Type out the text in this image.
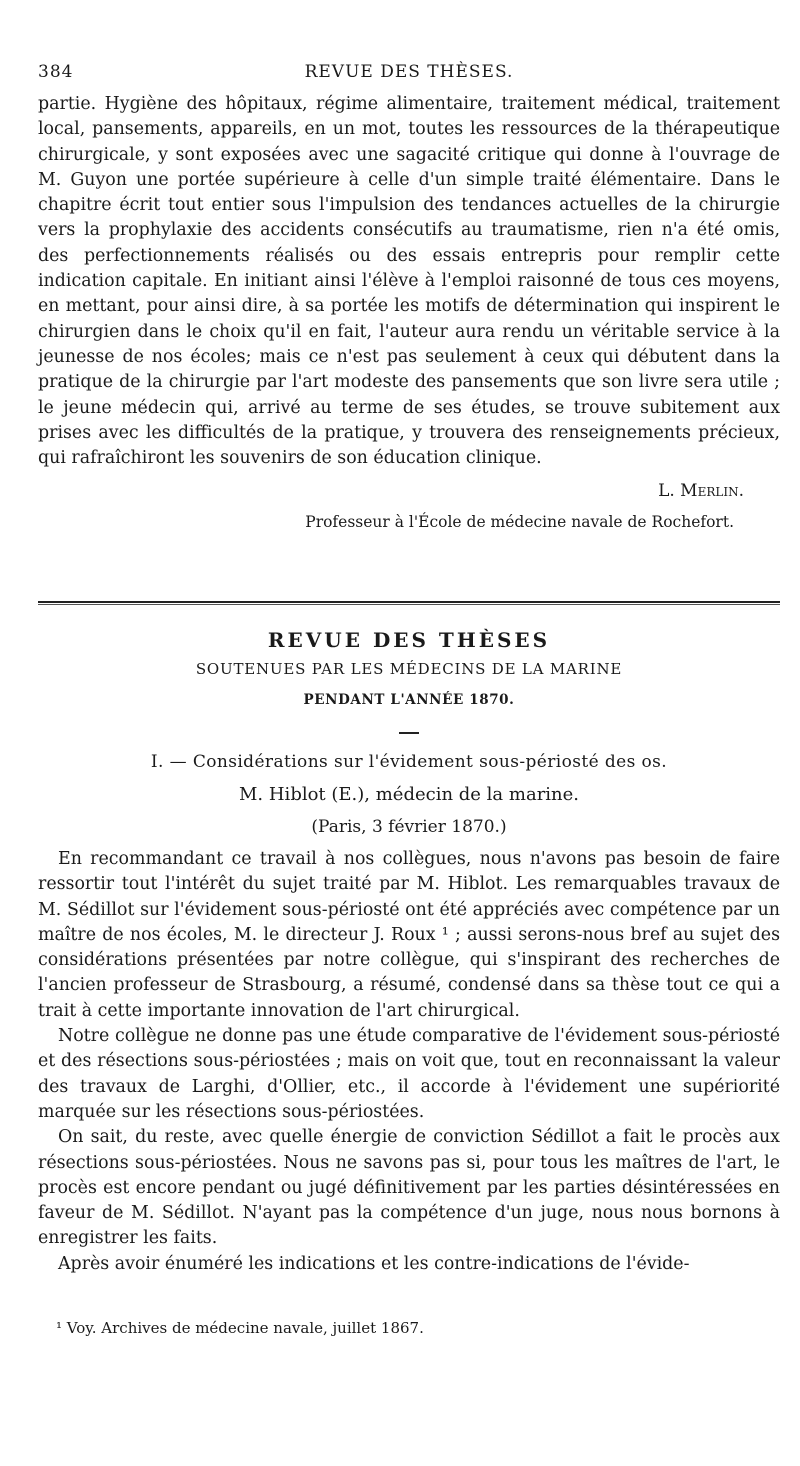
384	REVUE DES THÈSES.

partie. Hygiène des hôpitaux, régime alimentaire, traitement médical, traitement local, pansements, appareils, en un mot, toutes les ressources de la thérapeutique chirurgicale, y sont exposées avec une sagacité critique qui donne à l'ouvrage de M. Guyon une portée supérieure à celle d'un simple traité élémentaire. Dans le chapitre écrit tout entier sous l'impulsion des tendances actuelles de la chirurgie vers la prophylaxie des accidents consécutifs au traumatisme, rien n'a été omis, des perfectionnements réalisés ou des essais entrepris pour remplir cette indication capitale. En initiant ainsi l'élève à l'emploi raisonné de tous ces moyens, en mettant, pour ainsi dire, à sa portée les motifs de détermination qui inspirent le chirurgien dans le choix qu'il en fait, l'auteur aura rendu un véritable service à la jeunesse de nos écoles; mais ce n'est pas seulement à ceux qui débutent dans la pratique de la chirurgie par l'art modeste des pansements que son livre sera utile ; le jeune médecin qui, arrivé au terme de ses études, se trouve subitement aux prises avec les difficultés de la pratique, y trouvera des renseignements précieux, qui rafraîchiront les souvenirs de son éducation clinique.

L. Merlin.
Professeur à l'École de médecine navale de Rochefort.
REVUE DES THÈSES
SOUTENUES PAR LES MÉDECINS DE LA MARINE
PENDANT L'ANNÉE 1870.
I. — Considérations sur l'évidement sous-périosté des os.
M. Hiblot (E.), médecin de la marine.
(Paris, 3 février 1870.)

En recommandant ce travail à nos collègues, nous n'avons pas besoin de faire ressortir tout l'intérêt du sujet traité par M. Hiblot. Les remarquables travaux de M. Sédillot sur l'évidement sous-périosté ont été appréciés avec compétence par un maître de nos écoles, M. le directeur J. Roux ¹ ; aussi serons-nous bref au sujet des considérations présentées par notre collègue, qui s'inspirant des recherches de l'ancien professeur de Strasbourg, a résumé, condensé dans sa thèse tout ce qui a trait à cette importante innovation de l'art chirurgical.

Notre collègue ne donne pas une étude comparative de l'évidement sous-périosté et des résections sous-périostées ; mais on voit que, tout en reconnaissant la valeur des travaux de Larghi, d'Ollier, etc., il accorde à l'évidement une supériorité marquée sur les résections sous-périostées.

On sait, du reste, avec quelle énergie de conviction Sédillot a fait le procès aux résections sous-périostées. Nous ne savons pas si, pour tous les maîtres de l'art, le procès est encore pendant ou jugé définitivement par les parties désintéressées en faveur de M. Sédillot. N'ayant pas la compétence d'un juge, nous nous bornons à enregistrer les faits.

Après avoir énuméré les indications et les contre-indications de l'évide-

¹ Voy. Archives de médecine navale, juillet 1867.
